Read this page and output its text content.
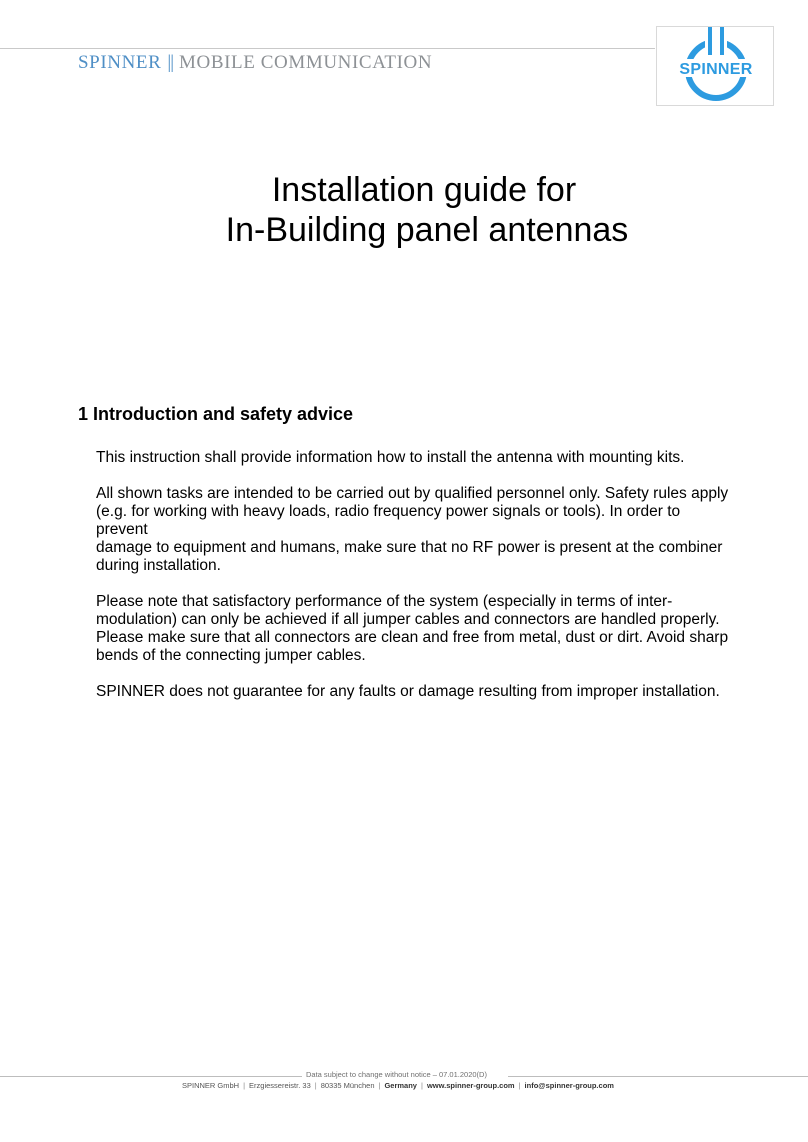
SPINNER || MOBILE COMMUNICATION	SPINNER
Installation guide for
In-Building panel antennas
1 Introduction and safety advice

This instruction shall provide information how to install the antenna with mounting kits.

All shown tasks are intended to be carried out by qualified personnel only. Safety rules apply
(e.g. for working with heavy loads, radio frequency power signals or tools). In order to prevent
damage to equipment and humans, make sure that no RF power is present at the combiner
during installation.

Please note that satisfactory performance of the system (especially in terms of inter-
modulation) can only be achieved if all jumper cables and connectors are handled properly.
Please make sure that all connectors are clean and free from metal, dust or dirt. Avoid sharp
bends of the connecting jumper cables.

SPINNER does not guarantee for any faults or damage resulting from improper installation.

Data subject to change without notice – 07.01.2020(D)
SPINNER GmbH | Erzgiessereistr. 33 | 80335 München | Germany | www.spinner-group.com | info@spinner-group.com
